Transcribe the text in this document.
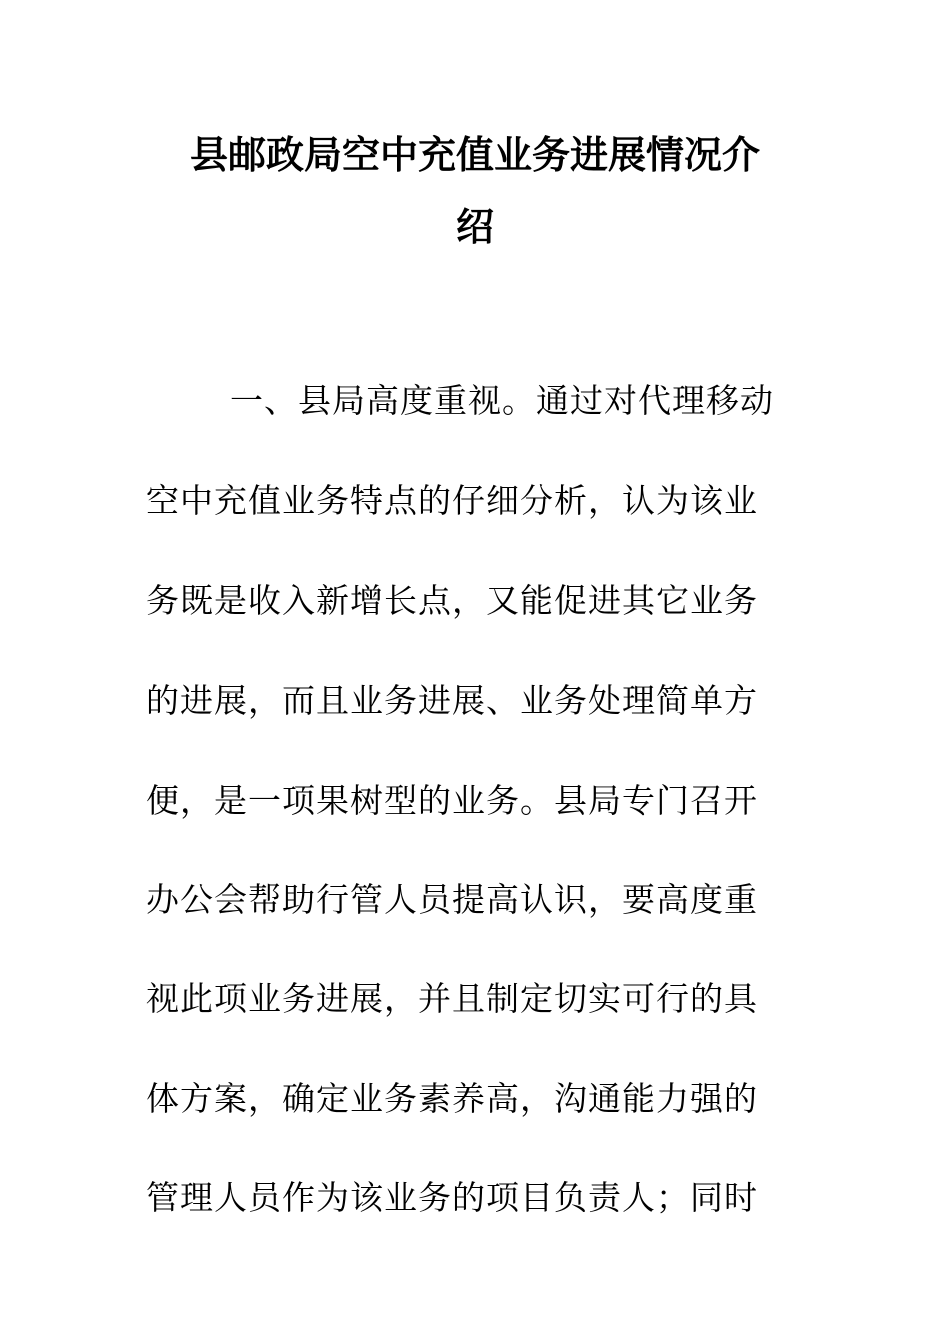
县邮政局空中充值业务进展情况介
绍
一、县局高度重视。通过对代理移动
空中充值业务特点的仔细分析，认为该业
务既是收入新增长点，又能促进其它业务
的进展，而且业务进展、业务处理简单方
便，是一项果树型的业务。县局专门召开
办公会帮助行管人员提高认识，要高度重
视此项业务进展，并且制定切实可行的具
体方案，确定业务素养高，沟通能力强的
管理人员作为该业务的项目负责人；同时
